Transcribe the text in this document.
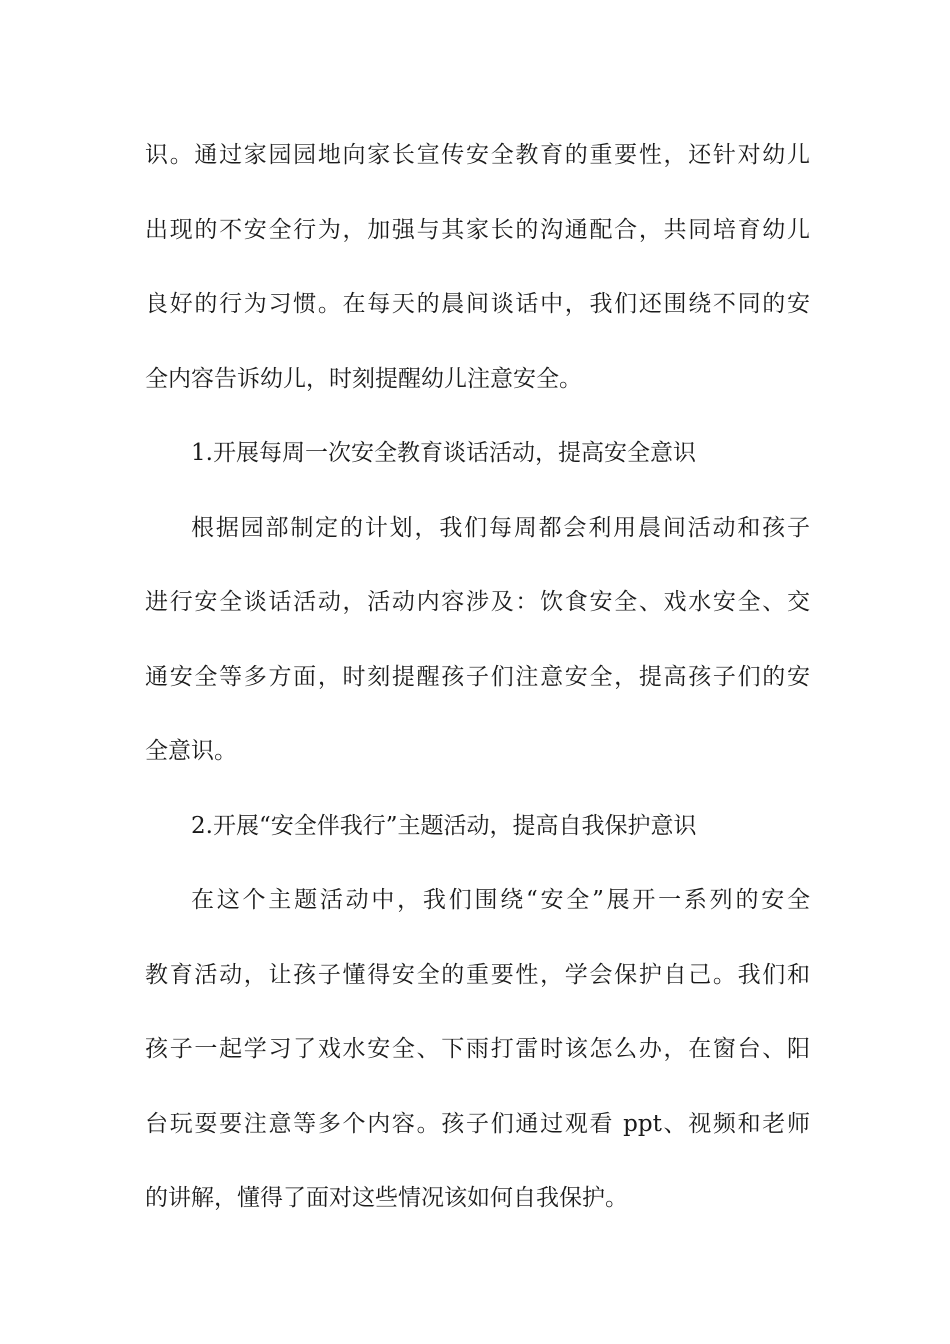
识。通过家园园地向家长宣传安全教育的重要性，还针对幼儿
出现的不安全行为，加强与其家长的沟通配合，共同培育幼儿
良好的行为习惯。在每天的晨间谈话中，我们还围绕不同的安
全内容告诉幼儿，时刻提醒幼儿注意安全。
1.开展每周一次安全教育谈话活动，提高安全意识
根据园部制定的计划，我们每周都会利用晨间活动和孩子
进行安全谈话活动，活动内容涉及：饮食安全、戏水安全、交
通安全等多方面，时刻提醒孩子们注意安全，提高孩子们的安
全意识。
2.开展“安全伴我行”主题活动，提高自我保护意识
在这个主题活动中，我们围绕“安全”展开一系列的安全
教育活动，让孩子懂得安全的重要性，学会保护自己。我们和
孩子一起学习了戏水安全、下雨打雷时该怎么办，在窗台、阳
台玩耍要注意等多个内容。孩子们通过观看 ppt、视频和老师
的讲解，懂得了面对这些情况该如何自我保护。
